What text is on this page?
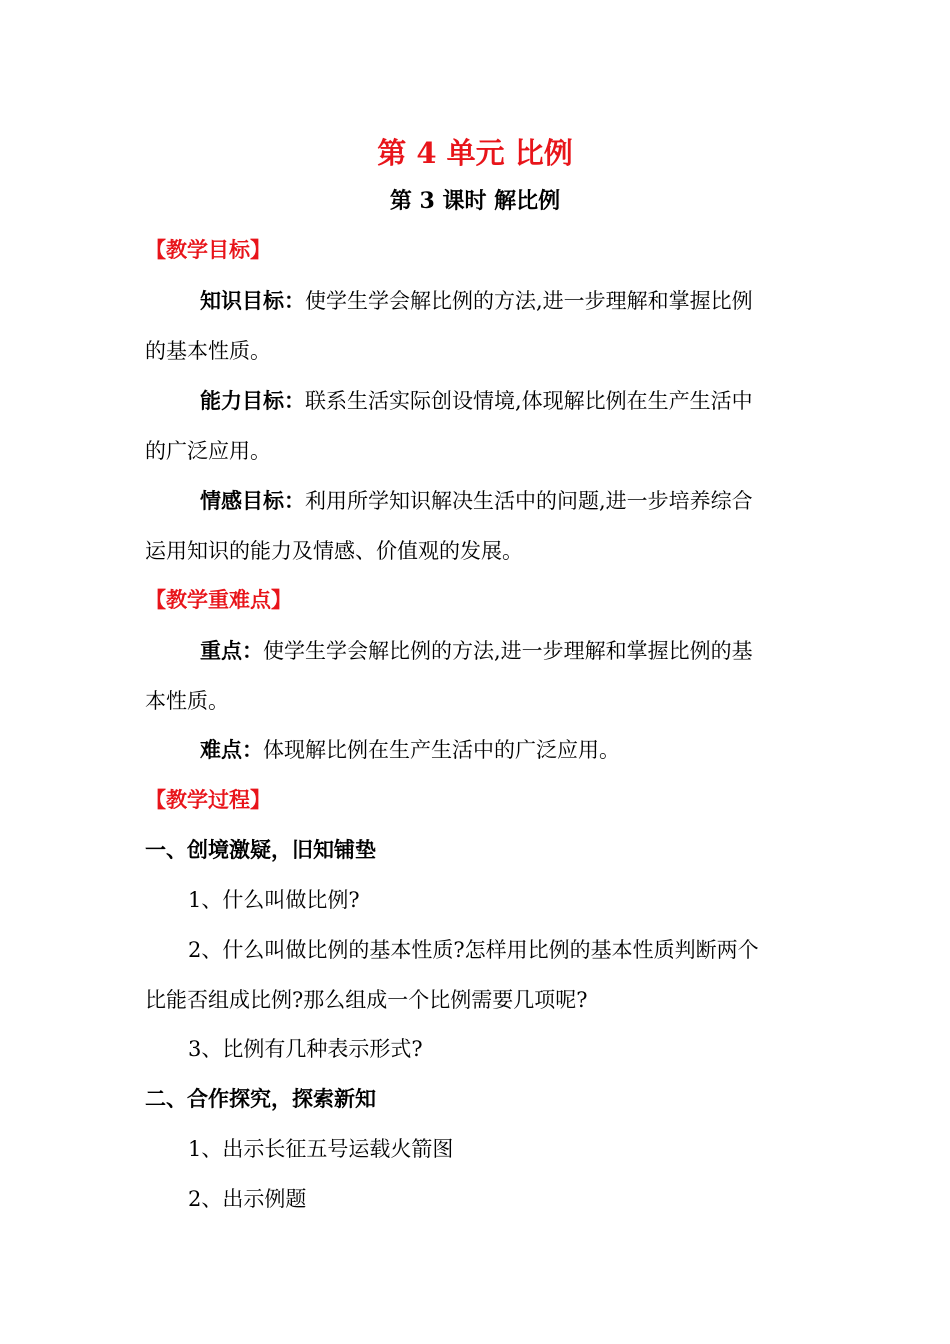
第 4 单元 比例
第 3 课时 解比例
【教学目标】
知识目标：使学生学会解比例的方法,进一步理解和掌握比例
的基本性质。
能力目标：联系生活实际创设情境,体现解比例在生产生活中
的广泛应用。
情感目标：利用所学知识解决生活中的问题,进一步培养综合
运用知识的能力及情感、价值观的发展。
【教学重难点】
重点：使学生学会解比例的方法,进一步理解和掌握比例的基
本性质。
难点：体现解比例在生产生活中的广泛应用。
【教学过程】
一、创境激疑，旧知铺垫
1、什么叫做比例?
2、什么叫做比例的基本性质?怎样用比例的基本性质判断两个
比能否组成比例?那么组成一个比例需要几项呢?
3、比例有几种表示形式?
二、合作探究，探索新知
1、出示长征五号运载火箭图
2、出示例题
